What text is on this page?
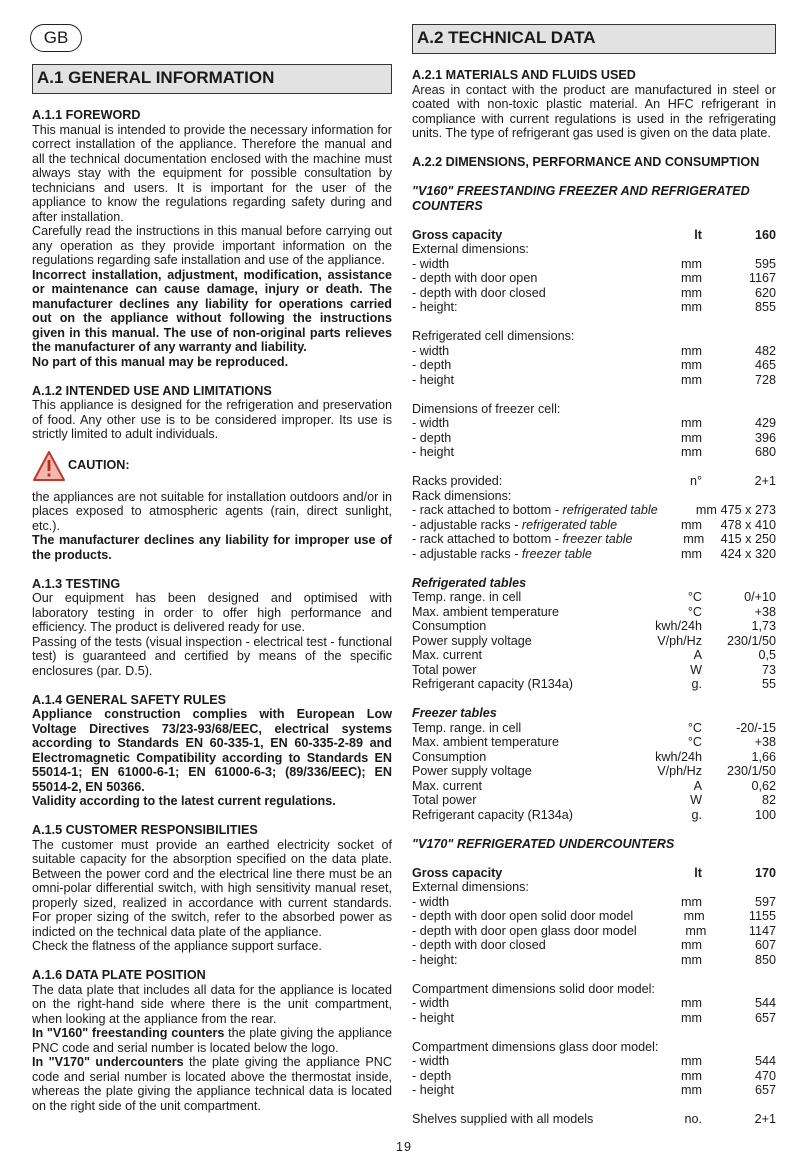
GB
A.1 GENERAL INFORMATION
A.1.1 FOREWORD

This manual is intended to provide the necessary information for correct installation of the appliance. Therefore the manual and all the technical documentation enclosed with the machine must always stay with the equipment for possible consultation by technicians and users. It is important for the user of the appliance to know the regulations regarding safety during and after installation.

Carefully read the instructions in this manual before carrying out any operation as they provide important information on the regulations regarding safe installation and use of the appliance.

Incorrect installation, adjustment, modification, assistance or maintenance can cause damage, injury or death. The manufacturer declines any liability for operations carried out on the appliance without following the instructions given in this manual. The use of non-original parts relieves the manufacturer of any warranty and liability.

No part of this manual may be reproduced.

A.1.2 INTENDED USE AND LIMITATIONS

This appliance is designed for the refrigeration and preservation of food. Any other use is to be considered improper. Its use is strictly limited to adult individuals.

CAUTION:

the appliances are not suitable for installation outdoors and/or in places exposed to atmospheric agents (rain, direct sunlight, etc.).

The manufacturer declines any liability for improper use of the products.

A.1.3 TESTING

Our equipment has been designed and optimised with laboratory testing in order to offer high performance and efficiency. The product is delivered ready for use.

Passing of the tests (visual inspection - electrical test - functional test) is guaranteed and certified by means of the specific enclosures (par. D.5).

A.1.4 GENERAL SAFETY RULES

Appliance construction complies with European Low Voltage Directives 73/23-93/68/EEC, electrical systems according to Standards EN 60-335-1, EN 60-335-2-89 and Electromagnetic Compatibility according to Standards EN 55014-1; EN 61000-6-1; EN 61000-6-3; (89/336/EEC); EN 55014-2, EN 50366.

Validity according to the latest current regulations.

A.1.5 CUSTOMER RESPONSIBILITIES

The customer must provide an earthed electricity socket of suitable capacity for the absorption specified on the data plate. Between the power cord and the electrical line there must be an omni-polar differential switch, with high sensitivity manual reset, properly sized, realized in accordance with current standards. For proper sizing of the switch, refer to the absorbed power as indicted on the technical data plate of the appliance.

Check the flatness of the appliance support surface.

A.1.6 DATA PLATE POSITION

The data plate that includes all data for the appliance is located on the right-hand side where there is the unit compartment, when looking at the appliance from the rear.

In "V160" freestanding counters the plate giving the appliance PNC code and serial number is located below the logo.

In "V170" undercounters the plate giving the appliance PNC code and serial number is located above the thermostat inside, whereas the plate giving the appliance technical data is located on the right side of the unit compartment.

A.2 TECHNICAL DATA
A.2.1 MATERIALS AND FLUIDS USED

Areas in contact with the product are manufactured in steel or coated with non-toxic plastic material. An HFC refrigerant in compliance with current regulations is used in the refrigerating units. The type of refrigerant gas used is given on the data plate.

A.2.2 DIMENSIONS, PERFORMANCE AND CONSUMPTION
"V160" FREESTANDING FREEZER AND REFRIGERATED COUNTERS
Gross capacity	lt	160
External dimensions:
- width	mm	595
- depth with door open	mm	1167
- depth with door closed	mm	620
- height:	mm	855
Refrigerated cell dimensions:
- width	mm	482
- depth	mm	465
- height	mm	728
Dimensions of freezer cell:
- width	mm	429
- depth	mm	396
- height	mm	680
Racks provided:	n°	2+1
Rack dimensions:
- rack attached to bottom - refrigerated table	mm 475 x 273
- adjustable racks - refrigerated table	mm	478 x 410
- rack attached to bottom - freezer table	mm	415 x 250
- adjustable racks - freezer table	mm	424 x 320
Refrigerated tables
Temp. range. in cell	°C	0/+10
Max. ambient temperature	°C	+38
Consumption	kwh/24h	1,73
Power supply voltage	V/ph/Hz	230/1/50
Max. current	A	0,5
Total power	W	73
Refrigerant capacity (R134a)	g.	55
Freezer tables
Temp. range. in cell	°C	-20/-15
Max. ambient temperature	°C	+38
Consumption	kwh/24h	1,66
Power supply voltage	V/ph/Hz	230/1/50
Max. current	A	0,62
Total power	W	82
Refrigerant capacity (R134a)	g.	100
"V170" REFRIGERATED UNDERCOUNTERS
Gross capacity	lt	170
External dimensions:
- width	mm	597
- depth with door open solid door model	mm	1155
- depth with door open glass door model	mm	1147
- depth with door closed	mm	607
- height:	mm	850
Compartment dimensions solid door model:
- width	mm	544
- height	mm	657
Compartment dimensions glass door model:
- width	mm	544
- depth	mm	470
- height	mm	657
Shelves supplied with all models	no.	2+1
19
